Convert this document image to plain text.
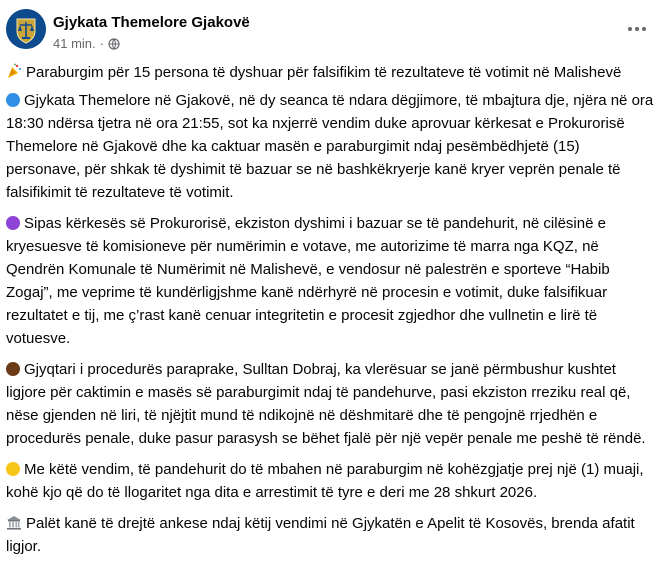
Gjykata Themelore Gjakovë
41 min. ·

Paraburgim për 15 persona të dyshuar për falsifikim të rezultateve të votimit në Malishevë

Gjykata Themelore në Gjakovë, në dy seanca të ndara dëgjimore, të mbajtura dje, njëra në ora 18:30 ndërsa tjetra në ora 21:55, sot ka nxjerrë vendim duke aprovuar kërkesat e Prokurorisë Themelore në Gjakovë dhe ka caktuar masën e paraburgimit ndaj pesëmbëdhjetë (15) personave, për shkak të dyshimit të bazuar se në bashkëkryerje kanë kryer veprën penale të falsifikimit të rezultateve të votimit.

Sipas kërkesës së Prokurorisë, ekziston dyshimi i bazuar se të pandehurit, në cilësinë e kryesuesve të komisioneve për numërimin e votave, me autorizime të marra nga KQZ, në Qendrën Komunale të Numërimit në Malishevë, e vendosur në palestrën e sporteve “Habib Zogaj”, me veprime të kundërligjshme kanë ndërhyrë në procesin e votimit, duke falsifikuar rezultatet e tij, me ç’rast kanë cenuar integritetin e procesit zgjedhor dhe vullnetin e lirë të votuesve.

Gjyqtari i procedurës paraprake, Sulltan Dobraj, ka vlerësuar se janë përmbushur kushtet ligjore për caktimin e masës së paraburgimit ndaj të pandehurve, pasi ekziston rreziku real që, nëse gjenden në liri, të njëjtit mund të ndikojnë në dëshmitarë dhe të pengojnë rrjedhën e procedurës penale, duke pasur parasysh se bëhet fjalë për një vepër penale me peshë të rëndë.

Me këtë vendim, të pandehurit do të mbahen në paraburgim në kohëzgjatje prej një (1) muaji, kohë kjo që do të llogaritet nga dita e arrestimit të tyre e deri me 28 shkurt 2026.

Palët kanë të drejtë ankese ndaj këtij vendimi në Gjykatën e Apelit të Kosovës, brenda afatit ligjor.
